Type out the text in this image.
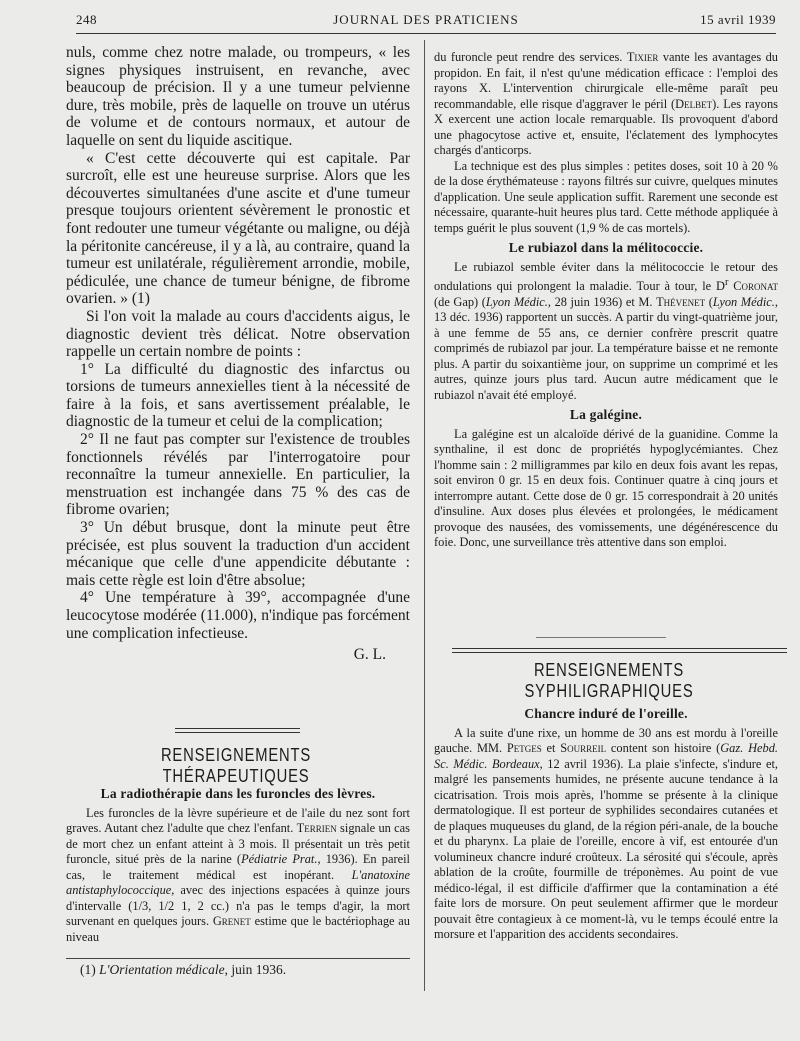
248	JOURNAL DES PRATICIENS	15 avril 1939

nuls, comme chez notre malade, ou trompeurs, « les signes physiques instruisent, en revanche, avec beaucoup de précision. Il y a une tumeur pelvienne dure, très mobile, près de laquelle on trouve un utérus de volume et de contours normaux, et autour de laquelle on sent du liquide ascitique.

« C'est cette découverte qui est capitale. Par surcroît, elle est une heureuse surprise. Alors que les découvertes simultanées d'une ascite et d'une tumeur presque toujours orientent sévèrement le pronostic et font redouter une tumeur végétante ou maligne, ou déjà la péritonite cancéreuse, il y a là, au contraire, quand la tumeur est unilatérale, régulièrement arrondie, mobile, pédiculée, une chance de tumeur bénigne, de fibrome ovarien. » (1)

Si l'on voit la malade au cours d'accidents aigus, le diagnostic devient très délicat. Notre observation rappelle un certain nombre de points :

1° La difficulté du diagnostic des infarctus ou torsions de tumeurs annexielles tient à la nécessité de faire à la fois, et sans avertissement préalable, le diagnostic de la tumeur et celui de la complication;

2° Il ne faut pas compter sur l'existence de troubles fonctionnels révélés par l'interrogatoire pour reconnaître la tumeur annexielle. En particulier, la menstruation est inchangée dans 75 % des cas de fibrome ovarien;

3° Un début brusque, dont la minute peut être précisée, est plus souvent la traduction d'un accident mécanique que celle d'une appendicite débutante : mais cette règle est loin d'être absolue;

4° Une température à 39°, accompagnée d'une leucocytose modérée (11.000), n'indique pas forcément une complication infectieuse.

G. L.
RENSEIGNEMENTS THÉRAPEUTIQUES
La radiothérapie dans les furoncles des lèvres.

Les furoncles de la lèvre supérieure et de l'aile du nez sont fort graves. Autant chez l'adulte que chez l'enfant. Terrien signale un cas de mort chez un enfant atteint à 3 mois. Il présentait un très petit furoncle, situé près de la narine (Pédiatrie Prat., 1936). En pareil cas, le traitement médical est inopérant. L'anatoxine antistaphylococcique, avec des injections espacées à quinze jours d'intervalle (1/3, 1/2 1, 2 cc.) n'a pas le temps d'agir, la mort survenant en quelques jours. Grenet estime que le bactériophage au niveau

(1) L'Orientation médicale, juin 1936.

du furoncle peut rendre des services. Tixier vante les avantages du propidon. En fait, il n'est qu'une médication efficace : l'emploi des rayons X. L'intervention chirurgicale elle-même paraît peu recommandable, elle risque d'aggraver le péril (Delbet). Les rayons X exercent une action locale remarquable. Ils provoquent d'abord une phagocytose active et, ensuite, l'éclatement des lymphocytes chargés d'anticorps.

La technique est des plus simples : petites doses, soit 10 à 20 % de la dose érythémateuse : rayons filtrés sur cuivre, quelques minutes d'application. Une seule application suffit. Rarement une seconde est nécessaire, quarante-huit heures plus tard. Cette méthode appliquée à temps guérit le plus souvent (1,9 % de cas mortels).

Le rubiazol dans la mélitococcie.

Le rubiazol semble éviter dans la mélitococcie le retour des ondulations qui prolongent la maladie. Tour à tour, le $D^r$ Coronat (de Gap) (Lyon Médic., 28 juin 1936) et M. Thévenet (Lyon Médic., 13 déc. 1936) rapportent un succès. A partir du vingt-quatrième jour, à une femme de 55 ans, ce dernier confrère prescrit quatre comprimés de rubiazol par jour. La température baisse et ne remonte plus. A partir du soixantième jour, on supprime un comprimé et les autres, quinze jours plus tard. Aucun autre médicament que le rubiazol n'avait été employé.

La galégine.

La galégine est un alcaloïde dérivé de la guanidine. Comme la synthaline, il est donc de propriétés hypoglycémiantes. Chez l'homme sain : 2 milligrammes par kilo en deux fois avant les repas, soit environ 0 gr. 15 en deux fois. Continuer quatre à cinq jours et interrompre autant. Cette dose de 0 gr. 15 correspondrait à 20 unités d'insuline. Aux doses plus élevées et prolongées, le médicament provoque des nausées, des vomissements, une dégénérescence du foie. Donc, une surveillance très attentive dans son emploi.

RENSEIGNEMENTS SYPHILIGRAPHIQUES
Chancre induré de l'oreille.

A la suite d'une rixe, un homme de 30 ans est mordu à l'oreille gauche. MM. Petges et Sourreil content son histoire (Gaz. Hebd. Sc. Médic. Bordeaux, 12 avril 1936). La plaie s'infecte, s'indure et, malgré les pansements humides, ne présente aucune tendance à la cicatrisation. Trois mois après, l'homme se présente à la clinique dermatologique. Il est porteur de syphilides secondaires cutanées et de plaques muqueuses du gland, de la région péri-anale, de la bouche et du pharynx. La plaie de l'oreille, encore à vif, est entourée d'un volumineux chancre induré croûteux. La sérosité qui s'écoule, après ablation de la croûte, fourmille de tréponèmes. Au point de vue médico-légal, il est difficile d'affirmer que la contamination a été faite lors de morsure. On peut seulement affirmer que le mordeur pouvait être contagieux à ce moment-là, vu le temps écoulé entre la morsure et l'apparition des accidents secondaires.
